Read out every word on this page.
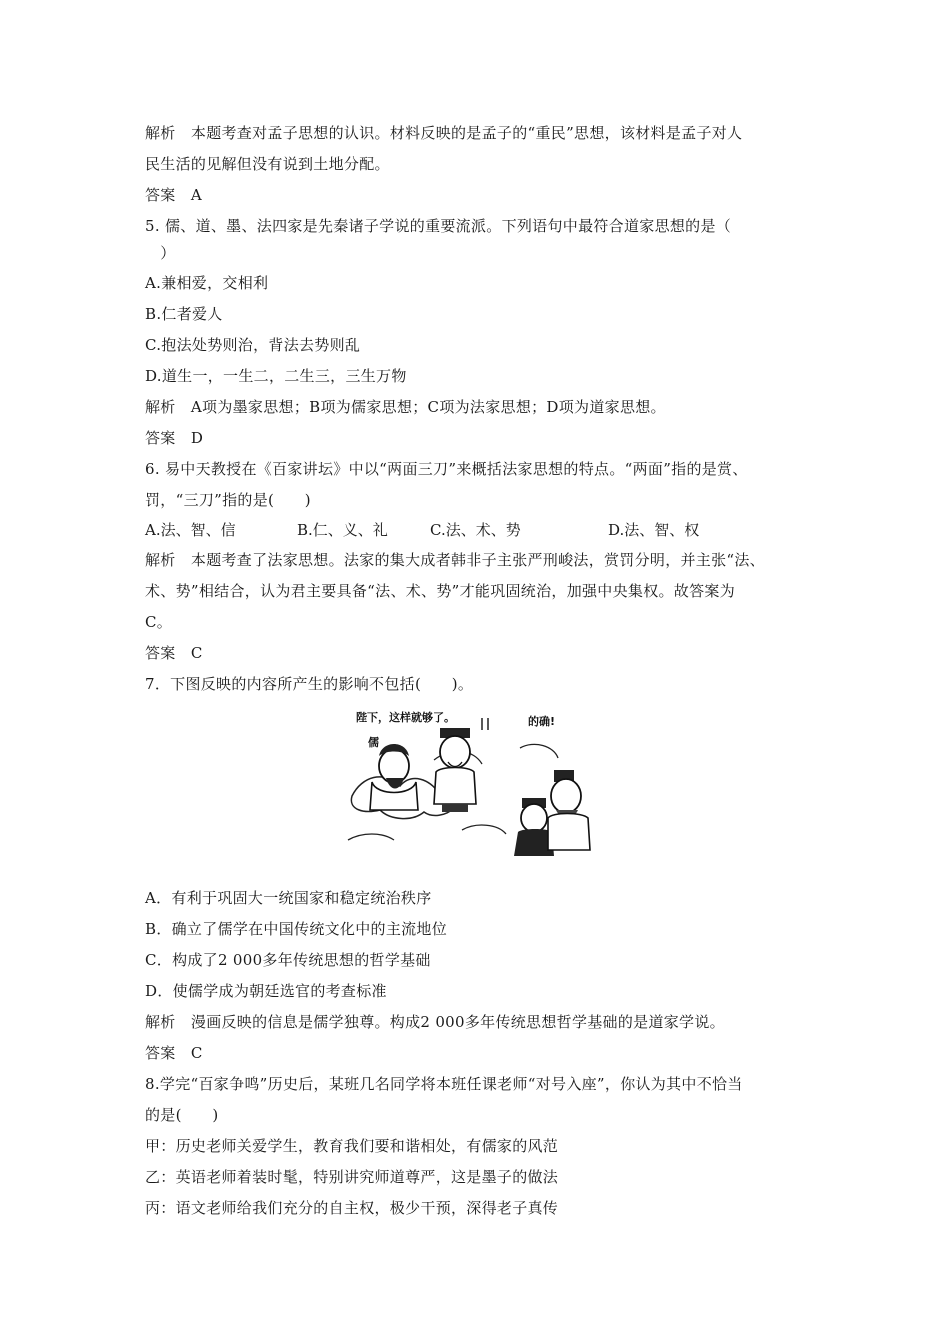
解析　本题考查对孟子思想的认识。材料反映的是孟子的“重民”思想，该材料是孟子对人
民生活的见解但没有说到土地分配。
答案　A
5. 儒、道、墨、法四家是先秦诸子学说的重要流派。下列语句中最符合道家思想的是（
　）
A.兼相爱，交相利
B.仁者爱人
C.抱法处势则治，背法去势则乱
D.道生一，一生二，二生三，三生万物
解析　A项为墨家思想；B项为儒家思想；C项为法家思想；D项为道家思想。
答案　D
6. 易中天教授在《百家讲坛》中以“两面三刀”来概括法家思想的特点。“两面”指的是赏、
罚，“三刀”指的是(　　)
A.法、智、信	B.仁、义、礼	C.法、术、势	D.法、智、权
解析　本题考查了法家思想。法家的集大成者韩非子主张严刑峻法，赏罚分明，并主张“法、
术、势”相结合，认为君主要具备“法、术、势”才能巩固统治，加强中央集权。故答案为
C。
答案　C
7．下图反映的内容所产生的影响不包括(　　)。
陛下，这样就够了。	的确!
儒
A．有利于巩固大一统国家和稳定统治秩序
B．确立了儒学在中国传统文化中的主流地位
C．构成了2 000多年传统思想的哲学基础
D．使儒学成为朝廷选官的考查标准
解析　漫画反映的信息是儒学独尊。构成2 000多年传统思想哲学基础的是道家学说。
答案　C
8.学完“百家争鸣”历史后，某班几名同学将本班任课老师“对号入座”，你认为其中不恰当
的是(　　)
甲：历史老师关爱学生，教育我们要和谐相处，有儒家的风范
乙：英语老师着装时髦，特别讲究师道尊严，这是墨子的做法
丙：语文老师给我们充分的自主权，极少干预，深得老子真传
